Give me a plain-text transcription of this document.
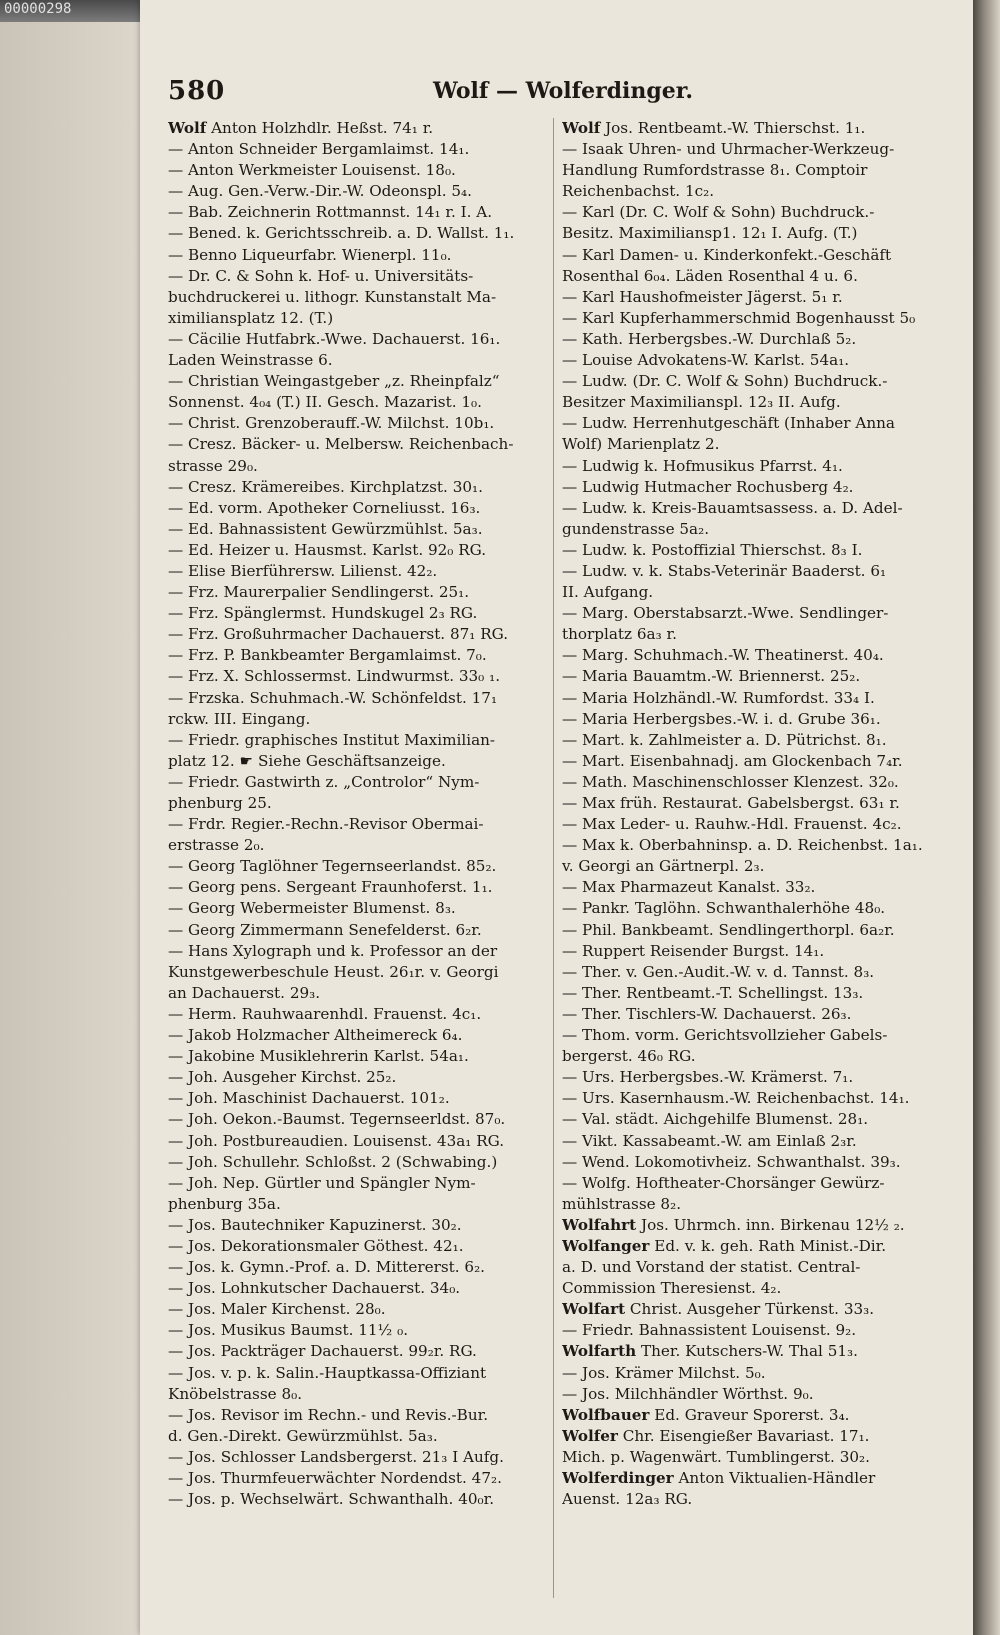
00000298
580	Wolf — Wolferdinger.
Wolf Anton Holzhdlr. Heßst. 74₁ r.
— Anton Schneider Bergamlaimst. 14₁.
— Anton Werkmeister Louisenst. 18₀.
— Aug. Gen.-Verw.-Dir.-W. Odeonspl. 5₄.
— Bab. Zeichnerin Rottmannst. 14₁ r. I. A.
— Bened. k. Gerichtsschreib. a. D. Wallst. 1₁.
— Benno Liqueurfabr. Wienerpl. 11₀.
— Dr. C. & Sohn k. Hof- u. Universitäts-
buchdruckerei u. lithogr. Kunstanstalt Ma-
ximiliansplatz 12. (T.)
— Cäcilie Hutfabrk.-Wwe. Dachauerst. 16₁.
Laden Weinstrasse 6.
— Christian Weingastgeber „z. Rheinpfalz“
Sonnenst. 4₀₄ (T.) II. Gesch. Mazarist. 1₀.
— Christ. Grenzoberauff.-W. Milchst. 10b₁.
— Cresz. Bäcker- u. Melbersw. Reichenbach-
strasse 29₀.
— Cresz. Krämereibes. Kirchplatzst. 30₁.
— Ed. vorm. Apotheker Corneliusst. 16₃.
— Ed. Bahnassistent Gewürzmühlst. 5a₃.
— Ed. Heizer u. Hausmst. Karlst. 92₀ RG.
— Elise Bierführersw. Lilienst. 42₂.
— Frz. Maurerpalier Sendlingerst. 25₁.
— Frz. Spänglermst. Hundskugel 2₃ RG.
— Frz. Großuhrmacher Dachauerst. 87₁ RG.
— Frz. P. Bankbeamter Bergamlaimst. 7₀.
— Frz. X. Schlossermst. Lindwurmst. 33₀ ₁.
— Frzska. Schuhmach.-W. Schönfeldst. 17₁
rckw. III. Eingang.
— Friedr. graphisches Institut Maximilian-
platz 12. ☛ Siehe Geschäftsanzeige.
— Friedr. Gastwirth z. „Controlor“ Nym-
phenburg 25.
— Frdr. Regier.-Rechn.-Revisor Obermai-
erstrasse 2₀.
— Georg Taglöhner Tegernseerlandst. 85₂.
— Georg pens. Sergeant Fraunhoferst. 1₁.
— Georg Webermeister Blumenst. 8₃.
— Georg Zimmermann Senefelderst. 6₂r.
— Hans Xylograph und k. Professor an der
Kunstgewerbeschule Heust. 26₁r. v. Georgi
an Dachauerst. 29₃.
— Herm. Rauhwaarenhdl. Frauenst. 4c₁.
— Jakob Holzmacher Altheimereck 6₄.
— Jakobine Musiklehrerin Karlst. 54a₁.
— Joh. Ausgeher Kirchst. 25₂.
— Joh. Maschinist Dachauerst. 101₂.
— Joh. Oekon.-Baumst. Tegernseerldst. 87₀.
— Joh. Postbureaudien. Louisenst. 43a₁ RG.
— Joh. Schullehr. Schloßst. 2 (Schwabing.)
— Joh. Nep. Gürtler und Spängler Nym-
phenburg 35a.
— Jos. Bautechniker Kapuzinerst. 30₂.
— Jos. Dekorationsmaler Göthest. 42₁.
— Jos. k. Gymn.-Prof. a. D. Mittererst. 6₂.
— Jos. Lohnkutscher Dachauerst. 34₀.
— Jos. Maler Kirchenst. 28₀.
— Jos. Musikus Baumst. 11½ ₀.
— Jos. Packträger Dachauerst. 99₂r. RG.
— Jos. v. p. k. Salin.-Hauptkassa-Offiziant
Knöbelstrasse 8₀.
— Jos. Revisor im Rechn.- und Revis.-Bur.
d. Gen.-Direkt. Gewürzmühlst. 5a₃.
— Jos. Schlosser Landsbergerst. 21₃ I Aufg.
— Jos. Thurmfeuerwächter Nordendst. 47₂.
— Jos. p. Wechselwärt. Schwanthalh. 40₀r.
Wolf Jos. Rentbeamt.-W. Thierschst. 1₁.
— Isaak Uhren- und Uhrmacher-Werkzeug-
Handlung Rumfordstrasse 8₁. Comptoir
Reichenbachst. 1c₂.
— Karl (Dr. C. Wolf & Sohn) Buchdruck.-
Besitz. Maximiliansp1. 12₁ I. Aufg. (T.)
— Karl Damen- u. Kinderkonfekt.-Geschäft
Rosenthal 6₀₄. Läden Rosenthal 4 u. 6.
— Karl Haushofmeister Jägerst. 5₁ r.
— Karl Kupferhammerschmid Bogenhausst 5₀
— Kath. Herbergsbes.-W. Durchlaß 5₂.
— Louise Advokatens-W. Karlst. 54a₁.
— Ludw. (Dr. C. Wolf & Sohn) Buchdruck.-
Besitzer Maximilianspl. 12₃ II. Aufg.
— Ludw. Herrenhutgeschäft (Inhaber Anna
Wolf) Marienplatz 2.
— Ludwig k. Hofmusikus Pfarrst. 4₁.
— Ludwig Hutmacher Rochusberg 4₂.
— Ludw. k. Kreis-Bauamtsassess. a. D. Adel-
gundenstrasse 5a₂.
— Ludw. k. Postoffizial Thierschst. 8₃ I.
— Ludw. v. k. Stabs-Veterinär Baaderst. 6₁
II. Aufgang.
— Marg. Oberstabsarzt.-Wwe. Sendlinger-
thorplatz 6a₃ r.
— Marg. Schuhmach.-W. Theatinerst. 40₄.
— Maria Bauamtm.-W. Briennerst. 25₂.
— Maria Holzhändl.-W. Rumfordst. 33₄ I.
— Maria Herbergsbes.-W. i. d. Grube 36₁.
— Mart. k. Zahlmeister a. D. Pütrichst. 8₁.
— Mart. Eisenbahnadj. am Glockenbach 7₄r.
— Math. Maschinenschlosser Klenzest. 32₀.
— Max früh. Restaurat. Gabelsbergst. 63₁ r.
— Max Leder- u. Rauhw.-Hdl. Frauenst. 4c₂.
— Max k. Oberbahninsp. a. D. Reichenbst. 1a₁.
v. Georgi an Gärtnerpl. 2₃.
— Max Pharmazeut Kanalst. 33₂.
— Pankr. Taglöhn. Schwanthalerhöhe 48₀.
— Phil. Bankbeamt. Sendlingerthorpl. 6a₂r.
— Ruppert Reisender Burgst. 14₁.
— Ther. v. Gen.-Audit.-W. v. d. Tannst. 8₃.
— Ther. Rentbeamt.-T. Schellingst. 13₃.
— Ther. Tischlers-W. Dachauerst. 26₃.
— Thom. vorm. Gerichtsvollzieher Gabels-
bergerst. 46₀ RG.
— Urs. Herbergsbes.-W. Krämerst. 7₁.
— Urs. Kasernhausm.-W. Reichenbachst. 14₁.
— Val. städt. Aichgehilfe Blumenst. 28₁.
— Vikt. Kassabeamt.-W. am Einlaß 2₃r.
— Wend. Lokomotivheiz. Schwanthalst. 39₃.
— Wolfg. Hoftheater-Chorsänger Gewürz-
mühlstrasse 8₂.
Wolfahrt Jos. Uhrmch. inn. Birkenau 12½ ₂.
Wolfanger Ed. v. k. geh. Rath Minist.-Dir.
a. D. und Vorstand der statist. Central-
Commission Theresienst. 4₂.
Wolfart Christ. Ausgeher Türkenst. 33₃.
— Friedr. Bahnassistent Louisenst. 9₂.
Wolfarth Ther. Kutschers-W. Thal 51₃.
— Jos. Krämer Milchst. 5₀.
— Jos. Milchhändler Wörthst. 9₀.
Wolfbauer Ed. Graveur Sporerst. 3₄.
Wolfer Chr. Eisengießer Bavariast. 17₁.
Mich. p. Wagenwärt. Tumblingerst. 30₂.
Wolferdinger Anton Viktualien-Händler
Auenst. 12a₃ RG.
